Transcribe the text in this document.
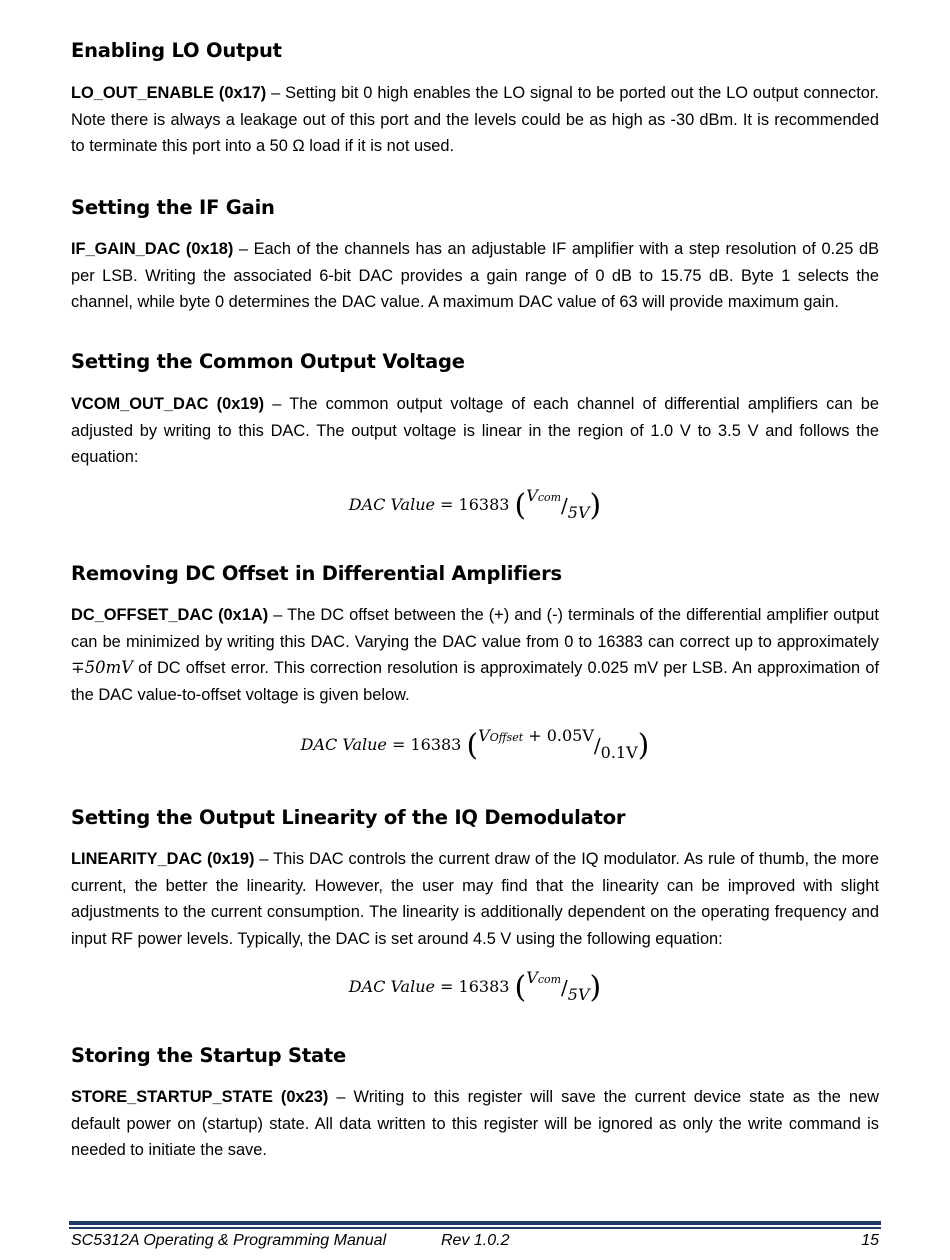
Enabling LO Output

LO_OUT_ENABLE (0x17) – Setting bit 0 high enables the LO signal to be ported out the LO output connector. Note there is always a leakage out of this port and the levels could be as high as -30 dBm. It is recommended to terminate this port into a 50 Ω load if it is not used.

Setting the IF Gain

IF_GAIN_DAC (0x18) – Each of the channels has an adjustable IF amplifier with a step resolution of 0.25 dB per LSB. Writing the associated 6-bit DAC provides a gain range of 0 dB to 15.75 dB. Byte 1 selects the channel, while byte 0 determines the DAC value. A maximum DAC value of 63 will provide maximum gain.

Setting the Common Output Voltage

VCOM_OUT_DAC (0x19) – The common output voltage of each channel of differential amplifiers can be adjusted by writing to this DAC. The output voltage is linear in the region of 1.0 V to 3.5 V and follows the equation:

DAC Value = 16383 (Vcom/5V)
Removing DC Offset in Differential Amplifiers

DC_OFFSET_DAC (0x1A) – The DC offset between the (+) and (-) terminals of the differential amplifier output can be minimized by writing this DAC. Varying the DAC value from 0 to 16383 can correct up to approximately ∓50mV of DC offset error. This correction resolution is approximately 0.025 mV per LSB. An approximation of the DAC value-to-offset voltage is given below.

DAC Value = 16383 (VOffset + 0.05V/0.1V)
Setting the Output Linearity of the IQ Demodulator

LINEARITY_DAC (0x19) – This DAC controls the current draw of the IQ modulator. As rule of thumb, the more current, the better the linearity. However, the user may find that the linearity can be improved with slight adjustments to the current consumption. The linearity is additionally dependent on the operating frequency and input RF power levels. Typically, the DAC is set around 4.5 V using the following equation:

DAC Value = 16383 (Vcom/5V)
Storing the Startup State

STORE_STARTUP_STATE (0x23) – Writing to this register will save the current device state as the new default power on (startup) state. All data written to this register will be ignored as only the write command is needed to initiate the save.

SC5312A Operating & Programming Manual	Rev 1.0.2	15
